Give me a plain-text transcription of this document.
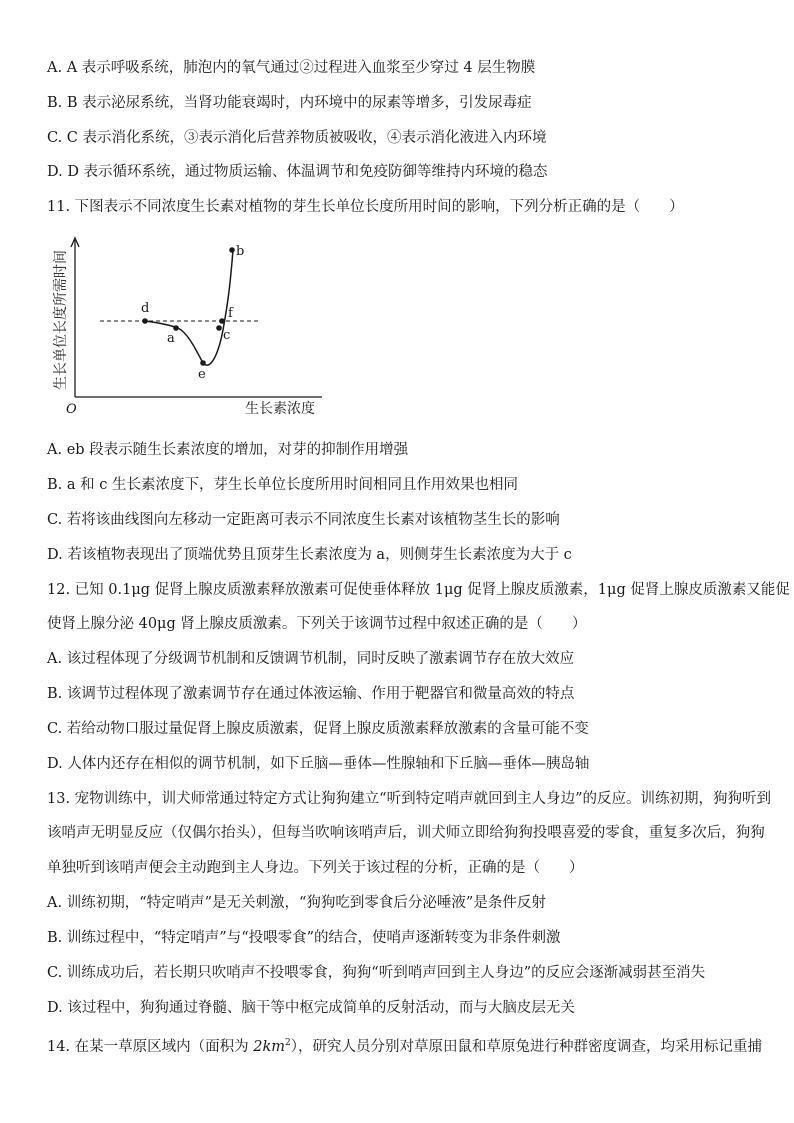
A. A 表示呼吸系统，肺泡内的氧气通过②过程进入血浆至少穿过 4 层生物膜
B. B 表示泌尿系统，当肾功能衰竭时，内环境中的尿素等增多，引发尿毒症
C. C 表示消化系统，③表示消化后营养物质被吸收，④表示消化液进入内环境
D. D 表示循环系统，通过物质运输、体温调节和免疫防御等维持内环境的稳态
11. 下图表示不同浓度生长素对植物的芽生长单位长度所用时间的影响，下列分析正确的是（　　）
生长单位长度所需时间
O	生长素浓度
d
a
e
c
f
b
A. eb 段表示随生长素浓度的增加，对芽的抑制作用增强
B. a 和 c 生长素浓度下，芽生长单位长度所用时间相同且作用效果也相同
C. 若将该曲线图向左移动一定距离可表示不同浓度生长素对该植物茎生长的影响
D. 若该植物表现出了顶端优势且顶芽生长素浓度为 a，则侧芽生长素浓度为大于 c
12. 已知 0.1μg 促肾上腺皮质激素释放激素可促使垂体释放 1μg 促肾上腺皮质激素，1μg 促肾上腺皮质激素又能促
使肾上腺分泌 40μg 肾上腺皮质激素。下列关于该调节过程中叙述正确的是（　　）
A. 该过程体现了分级调节机制和反馈调节机制，同时反映了激素调节存在放大效应
B. 该调节过程体现了激素调节存在通过体液运输、作用于靶器官和微量高效的特点
C. 若给动物口服过量促肾上腺皮质激素，促肾上腺皮质激素释放激素的含量可能不变
D. 人体内还存在相似的调节机制，如下丘脑—垂体—性腺轴和下丘脑—垂体—胰岛轴
13. 宠物训练中，训犬师常通过特定方式让狗狗建立“听到特定哨声就回到主人身边”的反应。训练初期，狗狗听到
该哨声无明显反应（仅偶尔抬头），但每当吹响该哨声后，训犬师立即给狗狗投喂喜爱的零食，重复多次后，狗狗
单独听到该哨声便会主动跑到主人身边。下列关于该过程的分析，正确的是（　　）
A. 训练初期，“特定哨声”是无关刺激，“狗狗吃到零食后分泌唾液”是条件反射
B. 训练过程中，“特定哨声”与“投喂零食”的结合，使哨声逐渐转变为非条件刺激
C. 训练成功后，若长期只吹哨声不投喂零食，狗狗“听到哨声回到主人身边”的反应会逐渐减弱甚至消失
D. 该过程中，狗狗通过脊髓、脑干等中枢完成简单的反射活动，而与大脑皮层无关
14. 在某一草原区域内（面积为 $2km^2$），研究人员分别对草原田鼠和草原兔进行种群密度调查，均采用标记重捕
